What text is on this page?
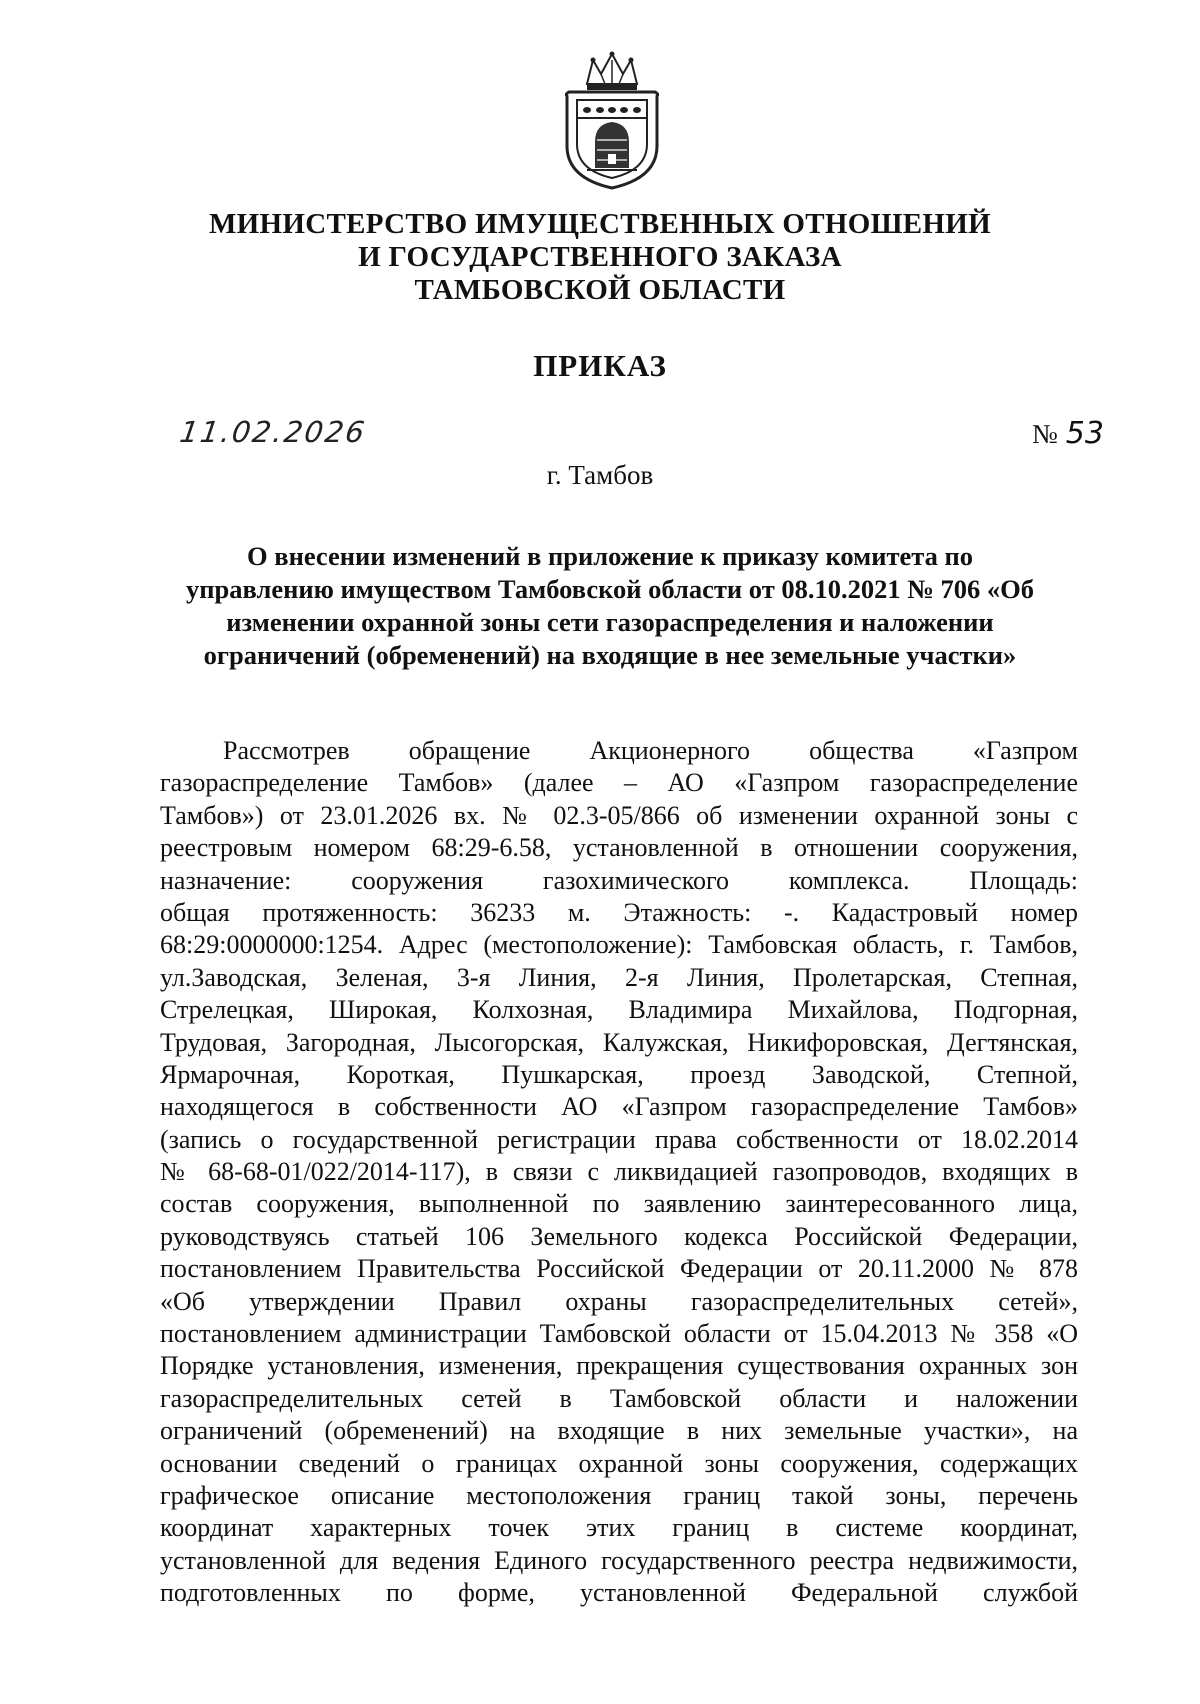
МИНИСТЕРСТВО ИМУЩЕСТВЕННЫХ ОТНОШЕНИЙ
И ГОСУДАРСТВЕННОГО ЗАКАЗА
ТАМБОВСКОЙ ОБЛАСТИ
ПРИКАЗ
11.02.2026	№ 53
г. Тамбов
О внесении изменений в приложение к приказу комитета по
управлению имуществом Тамбовской области от 08.10.2021 № 706 «Об
изменении охранной зоны сети газораспределения и наложении
ограничений (обременений) на входящие в нее земельные участки»
Рассмотрев обращение Акционерного общества «Газпром
газораспределение Тамбов» (далее – АО «Газпром газораспределение
Тамбов») от 23.01.2026 вх. № 02.3-05/866 об изменении охранной зоны с
реестровым номером 68:29-6.58, установленной в отношении сооружения,
назначение: сооружения газохимического комплекса. Площадь:
общая протяженность: 36233 м. Этажность: -. Кадастровый номер
68:29:0000000:1254. Адрес (местоположение): Тамбовская область, г. Тамбов,
ул.Заводская, Зеленая, 3-я Линия, 2-я Линия, Пролетарская, Степная,
Стрелецкая, Широкая, Колхозная, Владимира Михайлова, Подгорная,
Трудовая, Загородная, Лысогорская, Калужская, Никифоровская, Дегтянская,
Ярмарочная, Короткая, Пушкарская, проезд Заводской, Степной,
находящегося в собственности АО «Газпром газораспределение Тамбов»
(запись о государственной регистрации права собственности от 18.02.2014
№ 68-68-01/022/2014-117), в связи с ликвидацией газопроводов, входящих в
состав сооружения, выполненной по заявлению заинтересованного лица,
руководствуясь статьей 106 Земельного кодекса Российской Федерации,
постановлением Правительства Российской Федерации от 20.11.2000 № 878
«Об утверждении Правил охраны газораспределительных сетей»,
постановлением администрации Тамбовской области от 15.04.2013 № 358 «О
Порядке установления, изменения, прекращения существования охранных зон
газораспределительных сетей в Тамбовской области и наложении
ограничений (обременений) на входящие в них земельные участки», на
основании сведений о границах охранной зоны сооружения, содержащих
графическое описание местоположения границ такой зоны, перечень
координат характерных точек этих границ в системе координат,
установленной для ведения Единого государственного реестра недвижимости,
подготовленных по форме, установленной Федеральной службой
